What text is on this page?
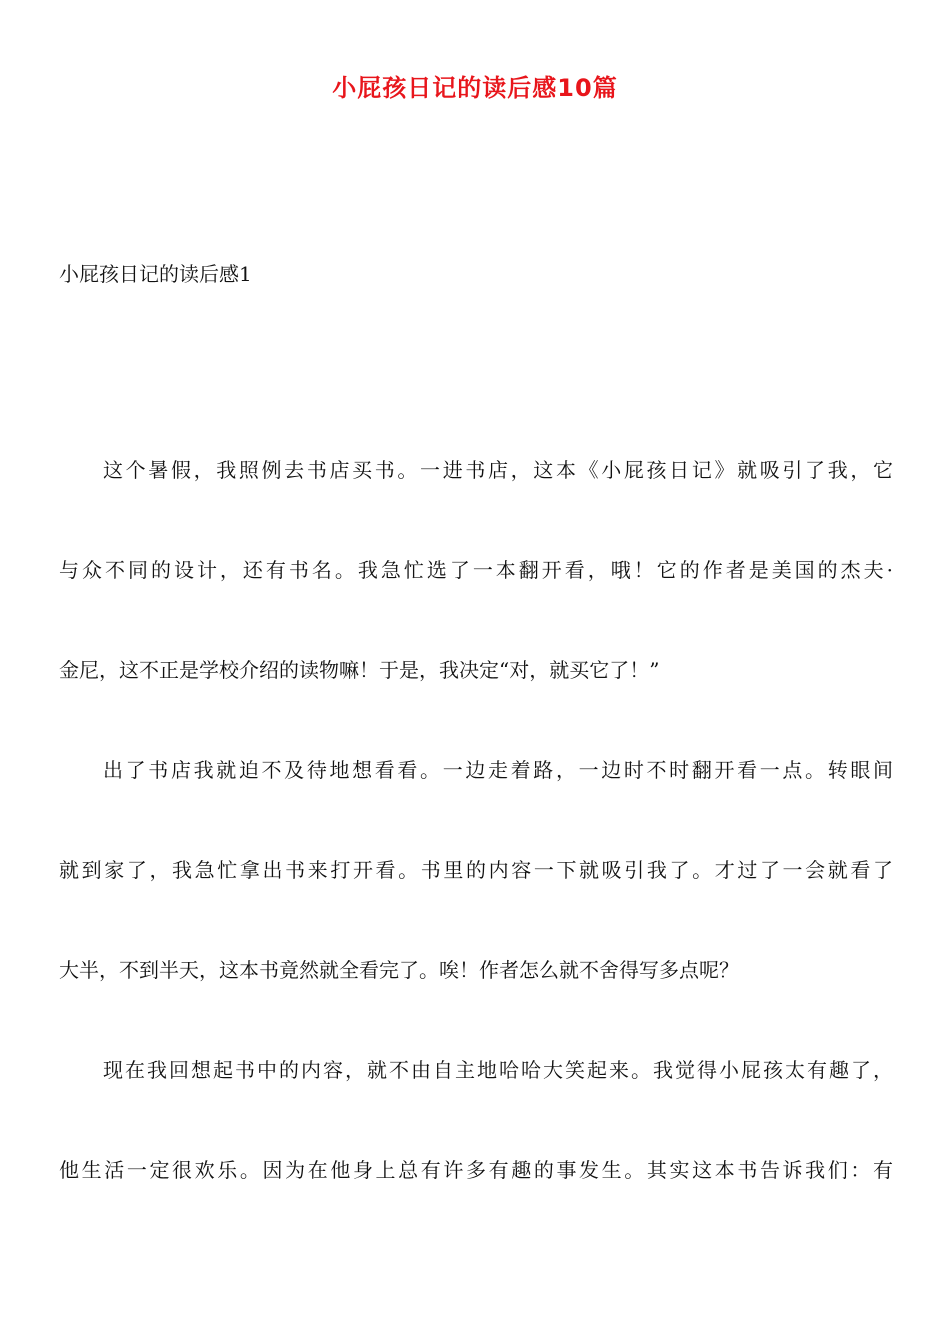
小屁孩日记的读后感10篇
小屁孩日记的读后感1
这个暑假，我照例去书店买书。一进书店，这本《小屁孩日记》就吸引了我，它
与众不同的设计，还有书名。我急忙选了一本翻开看，哦！它的作者是美国的杰夫·
金尼，这不正是学校介绍的读物嘛！于是，我决定“对，就买它了！”
出了书店我就迫不及待地想看看。一边走着路，一边时不时翻开看一点。转眼间
就到家了，我急忙拿出书来打开看。书里的内容一下就吸引我了。才过了一会就看了
大半，不到半天，这本书竟然就全看完了。唉！作者怎么就不舍得写多点呢？
现在我回想起书中的内容，就不由自主地哈哈大笑起来。我觉得小屁孩太有趣了，
他生活一定很欢乐。因为在他身上总有许多有趣的事发生。其实这本书告诉我们：有
